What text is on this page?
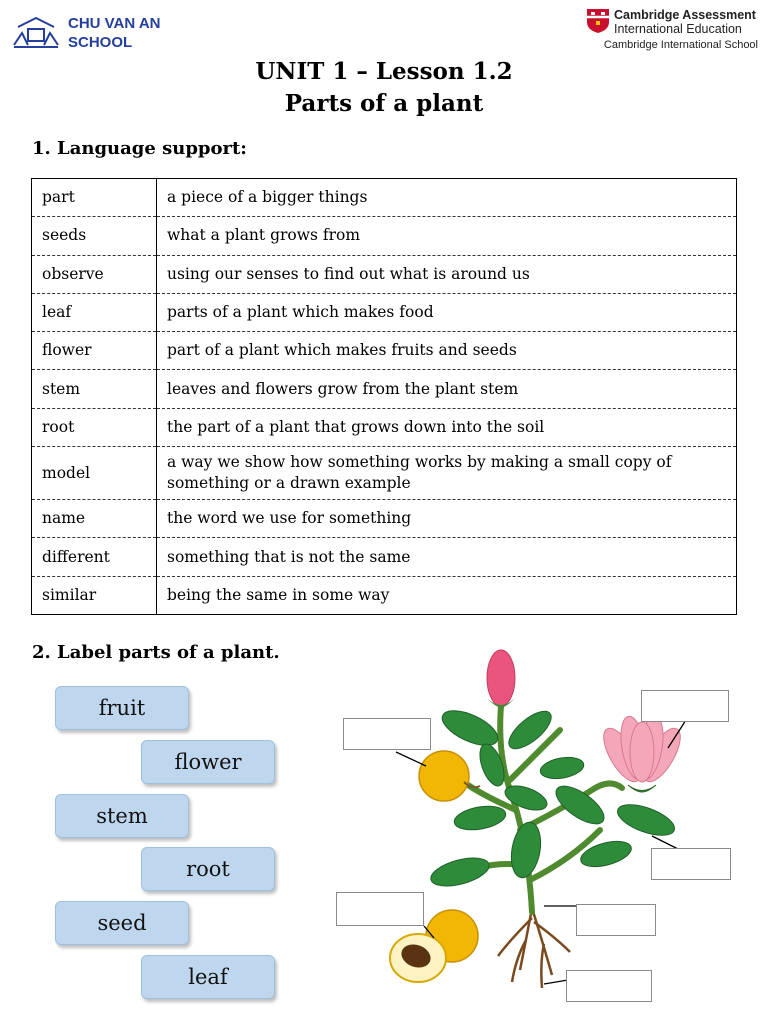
CHU VAN AN
SCHOOL
Cambridge Assessment
International Education
Cambridge International School
UNIT 1 – Lesson 1.2
Parts of a plant
1. Language support:
part	a piece of a bigger things
seeds	what a plant grows from
observe	using our senses to find out what is around us
leaf	parts of a plant which makes food
flower	part of a plant which makes fruits and seeds
stem	leaves and flowers grow from the plant stem
root	the part of a plant that grows down into the soil
model	a way we show how something works by making a small copy of something or a drawn example
name	the word we use for something
different	something that is not the same
similar	being the same in some way
2. Label parts of a plant.
fruit
flower
stem
root
seed
leaf
